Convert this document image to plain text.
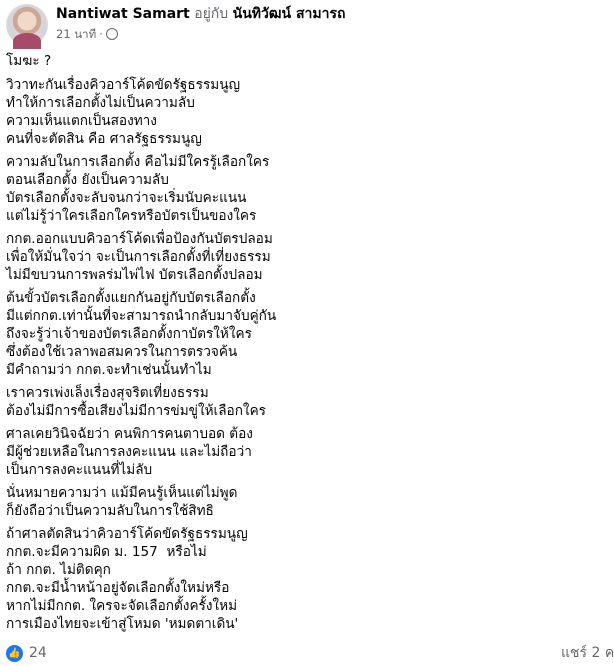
Nantiwat Samart อยู่กับ นันทิวัฒน์ สามารถ
21 นาที ·

โมฆะ ?

วิวาทะกันเรื่องคิวอาร์โค้ดขัดรัฐธรรมนูญ
ทำให้การเลือกตั้งไม่เป็นความลับ
ความเห็นแตกเป็นสองทาง
คนที่จะตัดสิน คือ ศาลรัฐธรรมนูญ

ความลับในการเลือกตั้ง คือไม่มีใครรู้เลือกใคร
ตอนเลือกตั้ง ยังเป็นความลับ
บัตรเลือกตั้งจะลับจนกว่าจะเริ่มนับคะแนน
แต่ไม่รู้ว่าใครเลือกใครหรือบัตรเป็นของใคร

กกต.ออกแบบคิวอาร์โค้ดเพื่อป้องกันบัตรปลอม
เพื่อให้มั่นใจว่า จะเป็นการเลือกตั้งที่เที่ยงธรรม
ไม่มีขบวนการพลร่มไพ่ไฟ บัตรเลือกตั้งปลอม

ต้นขั้วบัตรเลือกตั้งแยกกันอยู่กับบัตรเลือกตั้ง
มีแต่กกต.เท่านั้นที่จะสามารถนำกลับมาจับคู่กัน
ถึงจะรู้ว่าเจ้าของบัตรเลือกตั้งกาบัตรให้ใคร
ซึ่งต้องใช้เวลาพอสมควรในการตรวจค้น
มีคำถามว่า กกต.จะทำเช่นนั้นทำไม

เราควรเพ่งเล็งเรื่องสุจริตเที่ยงธรรม
ต้องไม่มีการซื้อเสียงไม่มีการข่มขู่ให้เลือกใคร

ศาลเคยวินิจฉัยว่า คนพิการคนตาบอด ต้อง
มีผู้ช่วยเหลือในการลงคะแนน และไม่ถือว่า
เป็นการลงคะแนนที่ไม่ลับ

นั่นหมายความว่า แม้มีคนรู้เห็นแต่ไม่พูด
ก็ยังถือว่าเป็นความลับในการใช้สิทธิ

ถ้าศาลตัดสินว่าคิวอาร์โค้ดขัดรัฐธรรมนูญ
กกต.จะมีความผิด ม. 157  หรือไม่
ถ้า กกต. ไม่ติดคุก
กกต.จะมีน้ำหน้าอยู่จัดเลือกตั้งใหม่หรือ
หากไม่มีกกต. ใครจะจัดเลือกตั้งครั้งใหม่
การเมืองไทยจะเข้าสู่โหมด 'หมดตาเดิน'

👍 24	แชร์ 2 ค
